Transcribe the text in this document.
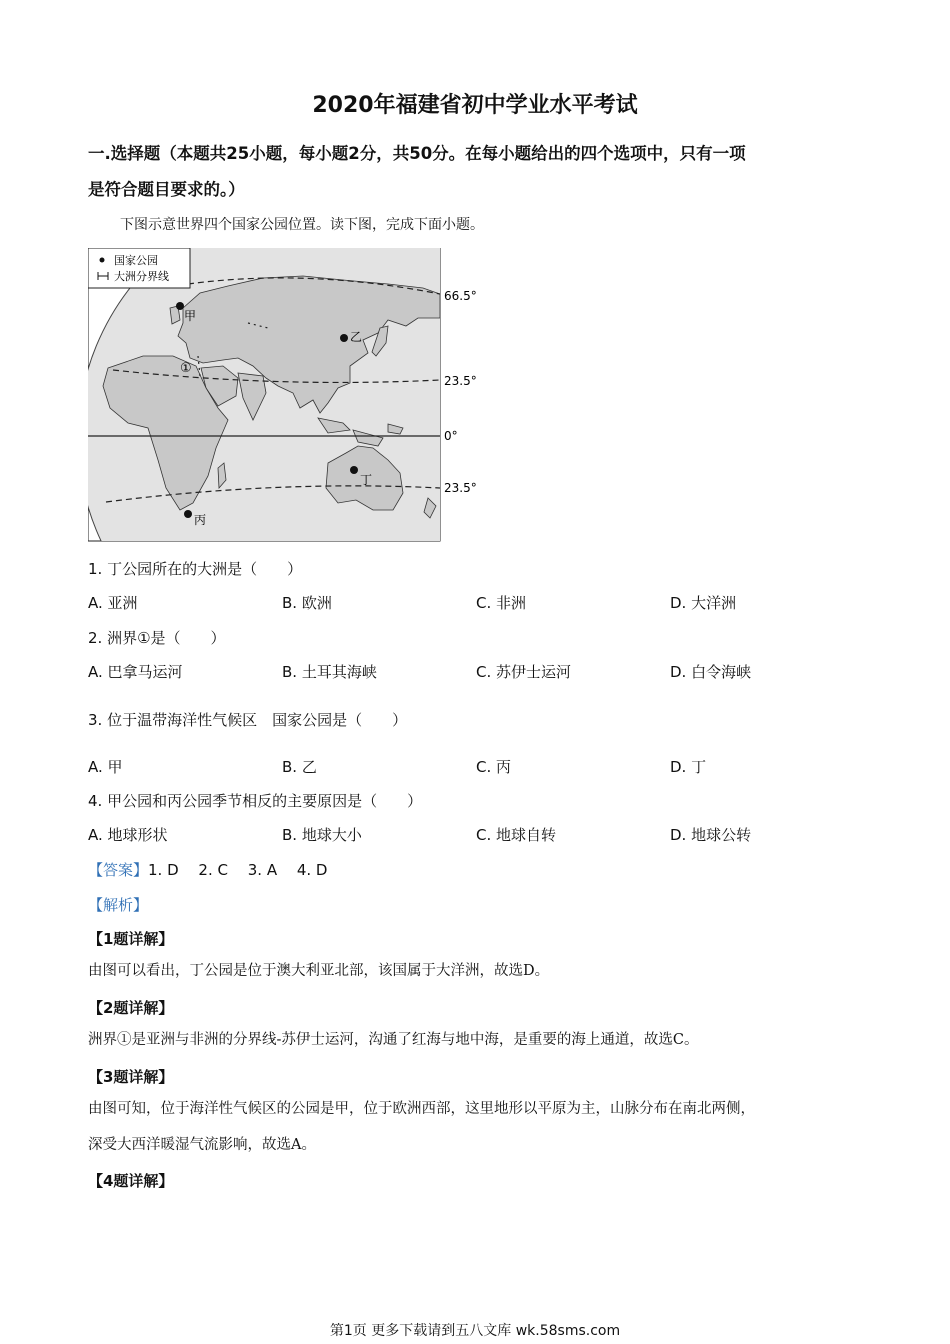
2020年福建省初中学业水平考试
一.选择题（本题共25小题，每小题2分，共50分。在每小题给出的四个选项中，只有一项
是符合题目要求的。）
下图示意世界四个国家公园位置。读下图，完成下面小题。
国家公园
大洲分界线
甲
乙
丙
丁
①
66.5°
23.5°
0°
23.5°
1. 丁公园所在的大洲是（　　）
A. 亚洲	B. 欧洲	C. 非洲	D. 大洋洲
2. 洲界①是（　　）
A. 巴拿马运河	B. 土耳其海峡	C. 苏伊士运河	D. 白令海峡
3. 位于温带海洋性气候区　国家公园是（　　）
A. 甲	B. 乙	C. 丙	D. 丁
4. 甲公园和丙公园季节相反的主要原因是（　　）
A. 地球形状	B. 地球大小	C. 地球自转	D. 地球公转
【答案】1. D　 2. C　 3. A　 4. D
【解析】
【1题详解】
由图可以看出，丁公园是位于澳大利亚北部，该国属于大洋洲，故选D。
【2题详解】
洲界①是亚洲与非洲的分界线-苏伊士运河，沟通了红海与地中海，是重要的海上通道，故选C。
【3题详解】
由图可知，位于海洋性气候区的公园是甲，位于欧洲西部，这里地形以平原为主，山脉分布在南北两侧，
深受大西洋暖湿气流影响，故选A。
【4题详解】
第1页 更多下载请到五八文库 wk.58sms.com
